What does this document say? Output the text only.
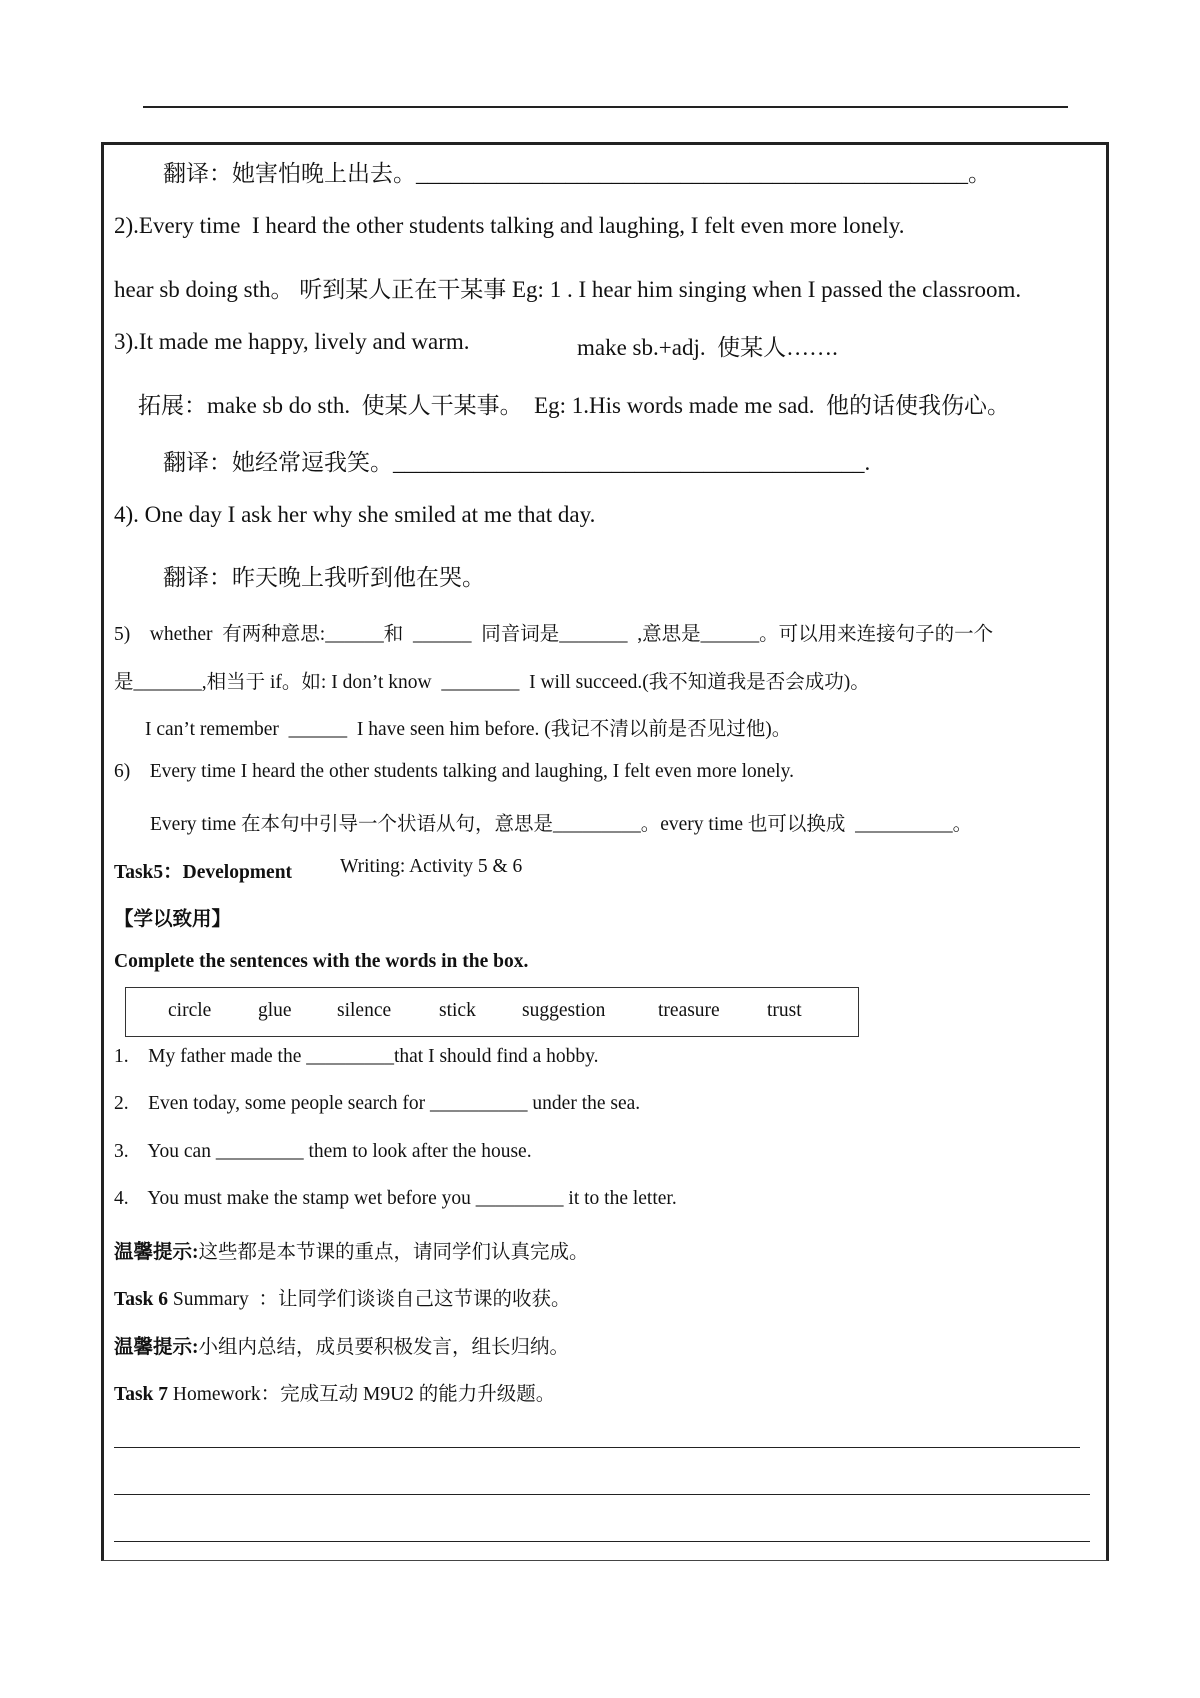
翻译：她害怕晚上出去。________________________________________________。
2).Every time  I heard the other students talking and laughing, I felt even more lonely.
hear sb doing sth。 听到某人正在干某事 Eg: 1 . I hear him singing when I passed the classroom.
3).It made me happy, lively and warm.	make sb.+adj.  使某人…….
拓展：make sb do sth.  使某人干某事。  Eg: 1.His words made me sad.  他的话使我伤心。
翻译：她经常逗我笑。_________________________________________.
4). One day I ask her why she smiled at me that day.
翻译：昨天晚上我听到他在哭。
5)    whether  有两种意思:______和  ______  同音词是_______  ,意思是______。可以用来连接句子的一个
是_______,相当于 if。如: I don’t know  ________  I will succeed.(我不知道我是否会成功)。
I can’t remember  ______  I have seen him before. (我记不清以前是否见过他)。
6)    Every time I heard the other students talking and laughing, I felt even more lonely.
Every time 在本句中引导一个状语从句，意思是_________。every time 也可以换成  __________。
Task5：Development Writing: Activity 5 & 6
【学以致用】
Complete the sentences with the words in the box.
circle glue silence stick suggestion	treasure trust
1.    My father made the _________that I should find a hobby.
2.    Even today, some people search for __________ under the sea.
3.    You can _________ them to look after the house.
4.    You must make the stamp wet before you _________ it to the letter.
温馨提示:这些都是本节课的重点，请同学们认真完成。
Task 6 Summary  ：让同学们谈谈自己这节课的收获。
温馨提示:小组内总结，成员要积极发言，组长归纳。
Task 7 Homework：完成互动 M9U2 的能力升级题。
